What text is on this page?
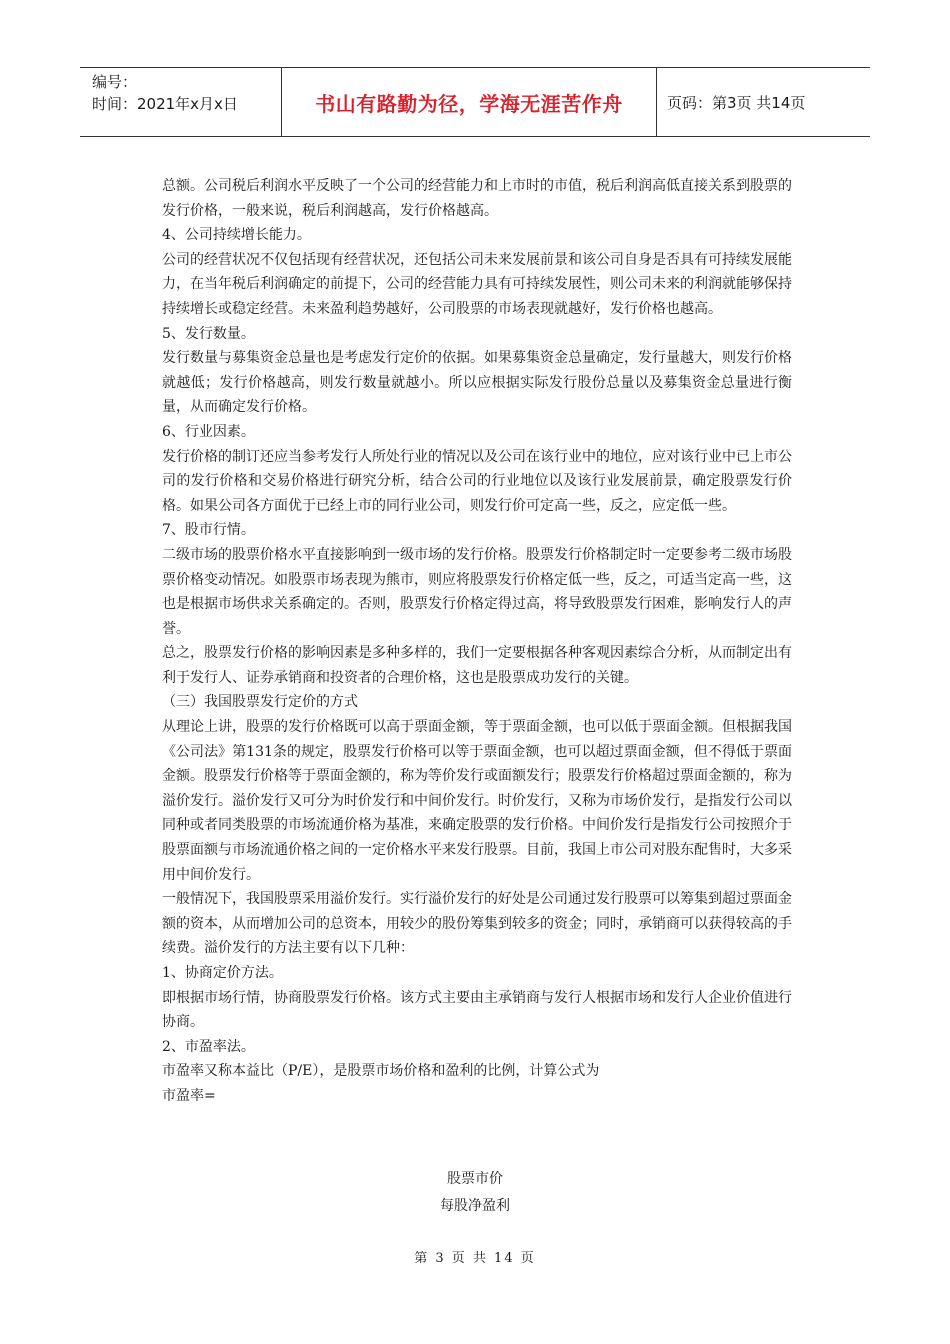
编号：
时间：2021年x月x日	书山有路勤为径，学海无涯苦作舟	页码：第3页 共14页

总额。公司税后利润水平反映了一个公司的经营能力和上市时的市值，税后利润高低直接关系到股票的发行价格，一般来说，税后利润越高，发行价格越高。

4、公司持续增长能力。

公司的经营状况不仅包括现有经营状况，还包括公司未来发展前景和该公司自身是否具有可持续发展能力，在当年税后利润确定的前提下，公司的经营能力具有可持续发展性，则公司未来的利润就能够保持持续增长或稳定经营。未来盈利趋势越好，公司股票的市场表现就越好，发行价格也越高。

5、发行数量。

发行数量与募集资金总量也是考虑发行定价的依据。如果募集资金总量确定，发行量越大，则发行价格就越低；发行价格越高，则发行数量就越小。所以应根据实际发行股份总量以及募集资金总量进行衡量，从而确定发行价格。

6、行业因素。

发行价格的制订还应当参考发行人所处行业的情况以及公司在该行业中的地位，应对该行业中已上市公司的发行价格和交易价格进行研究分析，结合公司的行业地位以及该行业发展前景，确定股票发行价格。如果公司各方面优于已经上市的同行业公司，则发行价可定高一些，反之，应定低一些。

7、股市行情。

二级市场的股票价格水平直接影响到一级市场的发行价格。股票发行价格制定时一定要参考二级市场股票价格变动情况。如股票市场表现为熊市，则应将股票发行价格定低一些，反之，可适当定高一些，这也是根据市场供求关系确定的。否则，股票发行价格定得过高，将导致股票发行困难，影响发行人的声誉。

总之，股票发行价格的影响因素是多种多样的，我们一定要根据各种客观因素综合分析，从而制定出有利于发行人、证券承销商和投资者的合理价格，这也是股票成功发行的关键。

（三）我国股票发行定价的方式

从理论上讲，股票的发行价格既可以高于票面金额，等于票面金额，也可以低于票面金额。但根据我国《公司法》第131条的规定，股票发行价格可以等于票面金额，也可以超过票面金额，但不得低于票面金额。股票发行价格等于票面金额的，称为等价发行或面额发行；股票发行价格超过票面金额的，称为溢价发行。溢价发行又可分为时价发行和中间价发行。时价发行，又称为市场价发行，是指发行公司以同种或者同类股票的市场流通价格为基准，来确定股票的发行价格。中间价发行是指发行公司按照介于股票面额与市场流通价格之间的一定价格水平来发行股票。目前，我国上市公司对股东配售时，大多采用中间价发行。

一般情况下，我国股票采用溢价发行。实行溢价发行的好处是公司通过发行股票可以筹集到超过票面金额的资本，从而增加公司的总资本，用较少的股份筹集到较多的资金；同时，承销商可以获得较高的手续费。溢价发行的方法主要有以下几种：

1、协商定价方法。

即根据市场行情，协商股票发行价格。该方式主要由主承销商与发行人根据市场和发行人企业价值进行协商。

2、市盈率法。

市盈率又称本益比（P/E），是股票市场价格和盈利的比例，计算公式为

市盈率=

股票市价
每股净盈利
第 3 页 共 14 页
